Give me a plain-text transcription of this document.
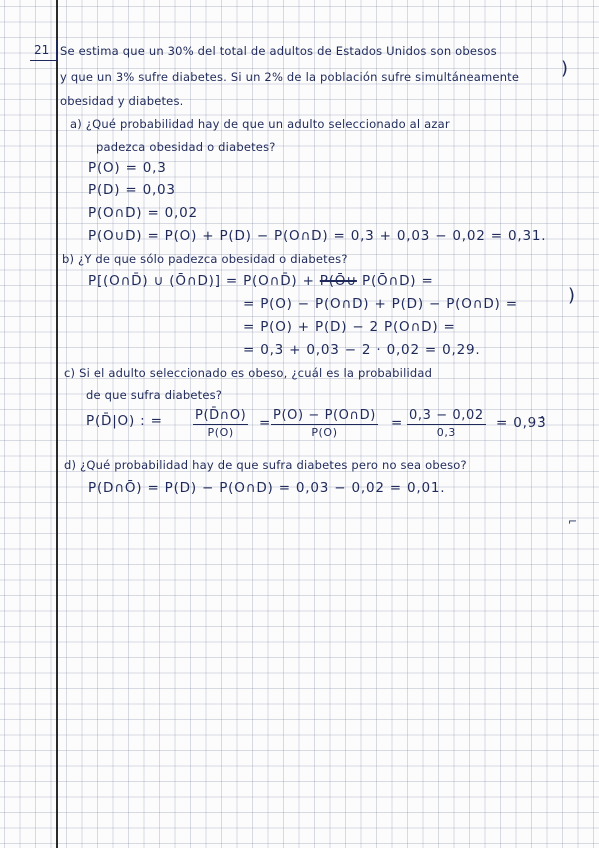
21 Se estima que un 30% del total de adultos de Estados Unidos son obesos

y que un 3% sufre diabetes. Si un 2% de la población sufre simultáneamente

obesidad y diabetes.

a) ¿Qué probabilidad hay de que un adulto seleccionado al azar

padezca obesidad o diabetes?

P(O) = 0,3

P(D) = 0,03

P(O∩D) = 0,02

P(O∪D) = P(O) + P(D) − P(O∩D) = 0,3 + 0,03 − 0,02 = 0,31.

b) ¿Y de que sólo padezca obesidad o diabetes?

P[(O∩D̄) ∪ (Ō∩D)] = P(O∩D̄) + P(Ō∪ P(Ō∩D) =

= P(O) − P(O∩D) + P(D) − P(O∩D) =

= P(O) + P(D) − 2 P(O∩D) =

= 0,3 + 0,03 − 2 · 0,02 = 0,29.

c) Si el adulto seleccionado es obeso, ¿cuál es la probabilidad

de que sufra diabetes?

P(D̄|O) : = P(D̄∩O)
P(O)

= P(O) − P(O∩D)
P(O)

= 0,3 − 0,02
0,3

= 0,93̂

d) ¿Qué probabilidad hay de que sufra diabetes pero no sea obeso?

P(D∩Ō) = P(D) − P(O∩D) = 0,03 − 0,02 = 0,01.

)
)
⌐
